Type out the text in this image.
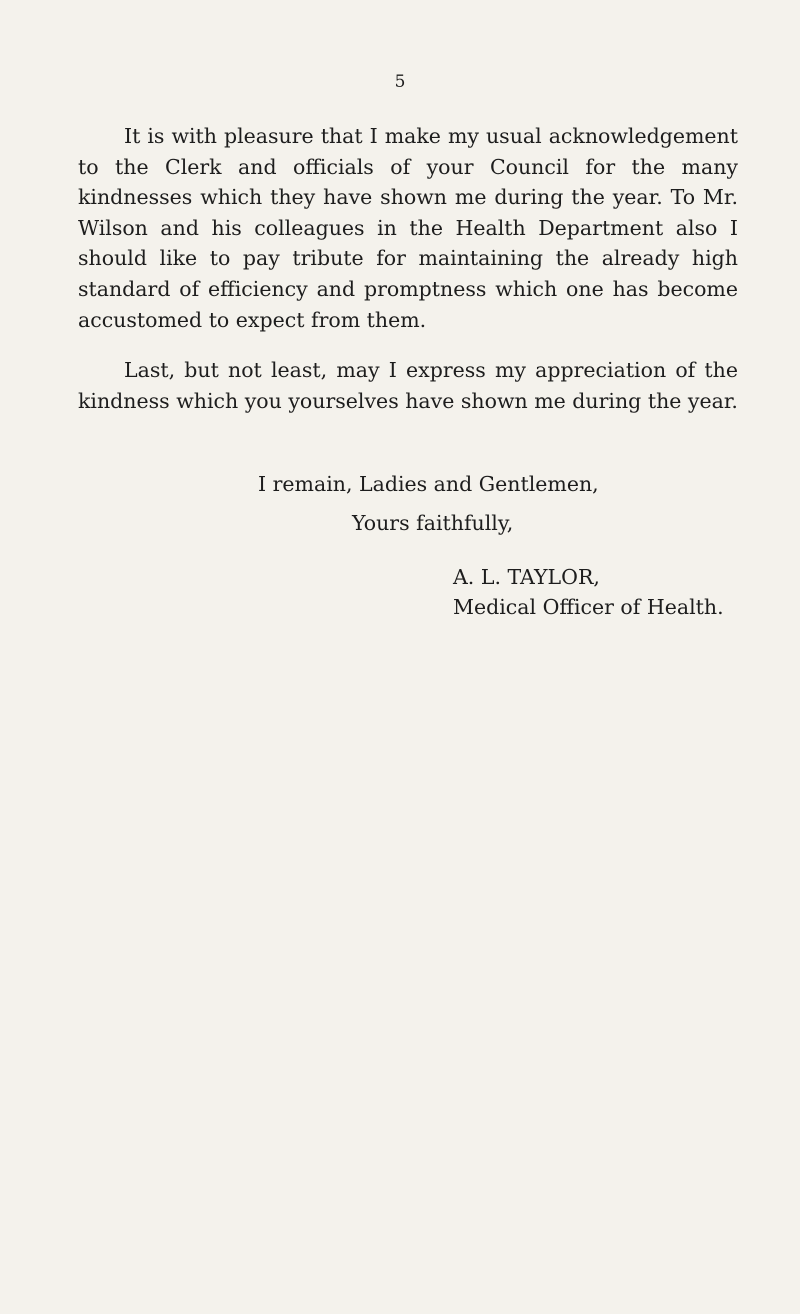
5

It is with pleasure that I make my usual acknowledgement to the Clerk and officials of your Council for the many kindnesses which they have shown me during the year. To Mr. Wilson and his colleagues in the Health Department also I should like to pay tribute for maintaining the already high standard of efficiency and promptness which one has become accustomed to expect from them.

Last, but not least, may I express my appreciation of the kindness which you yourselves have shown me during the year.

I remain, Ladies and Gentlemen,
Yours faithfully,
A. L. TAYLOR,
Medical Officer of Health.
